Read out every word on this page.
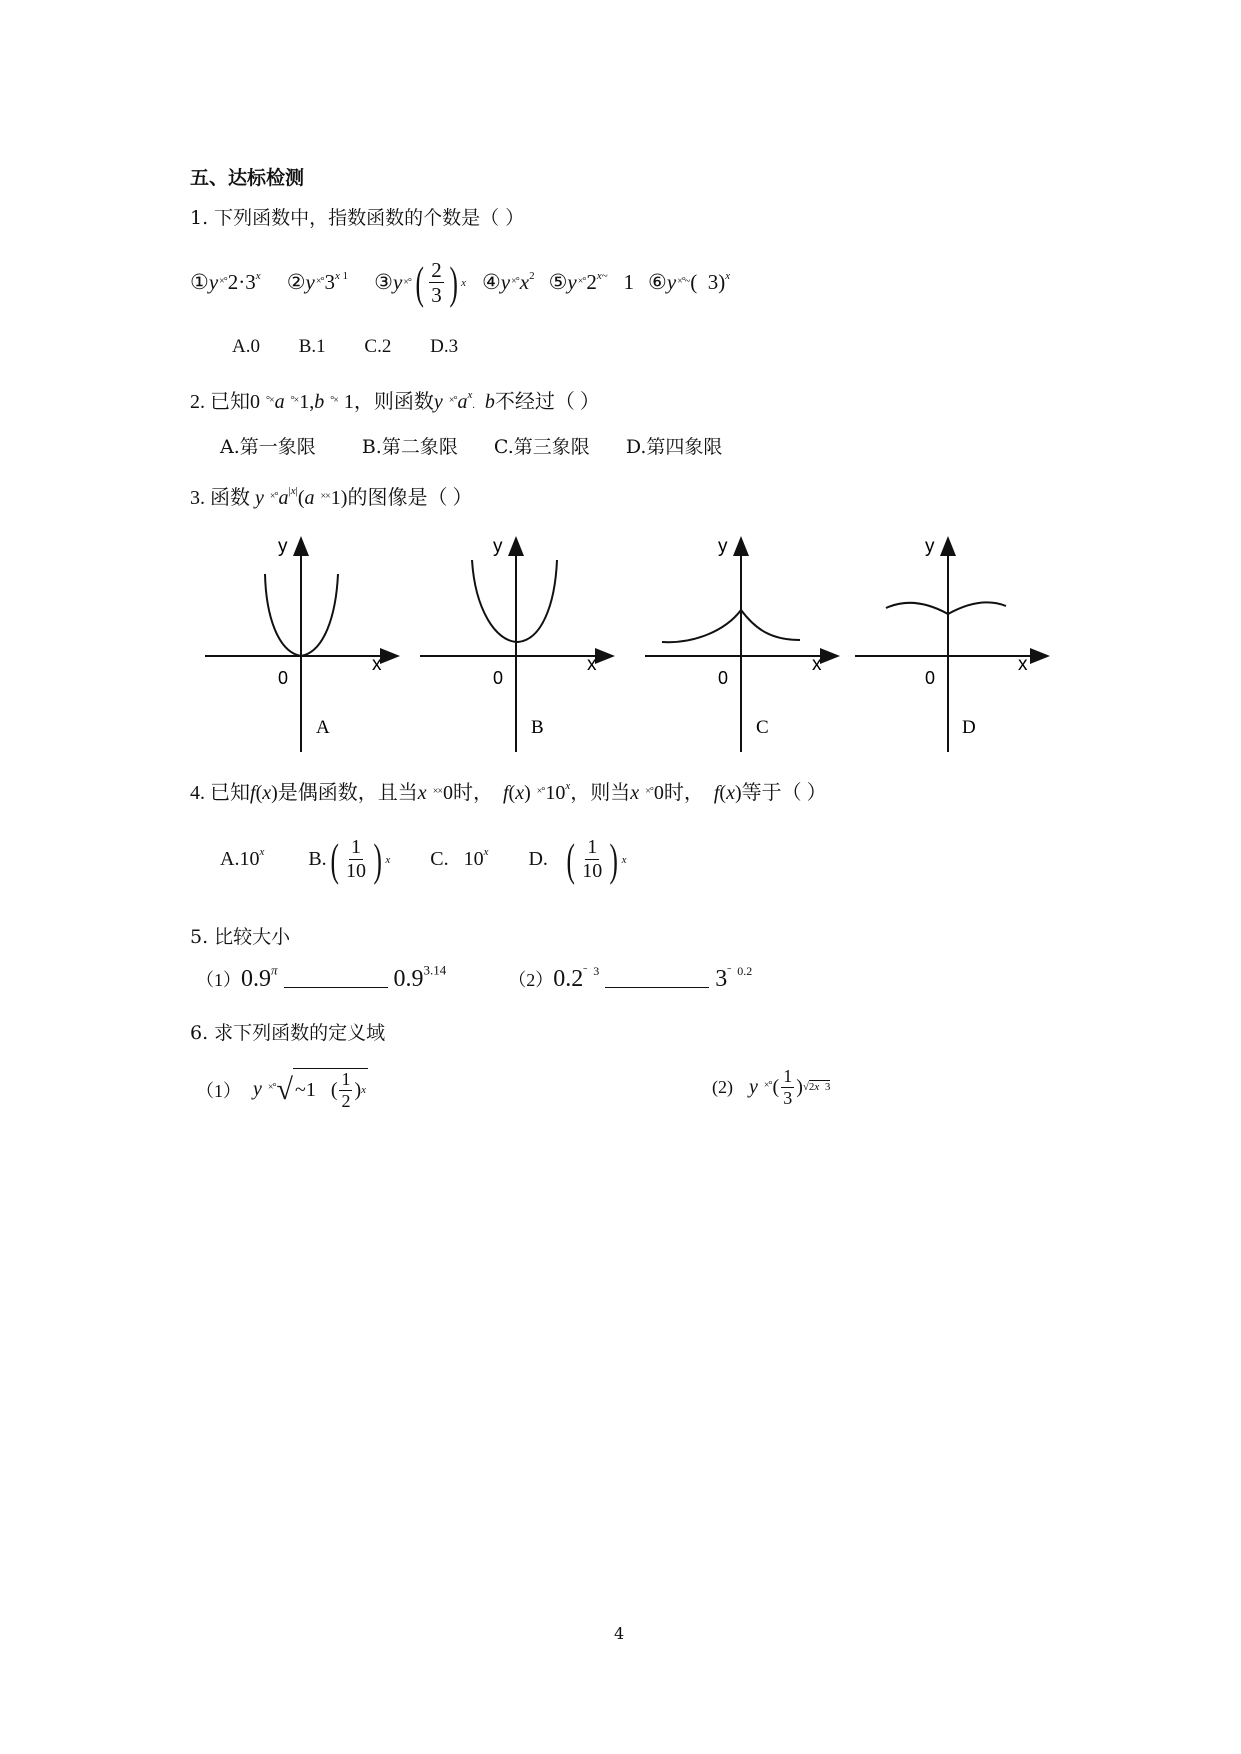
五、达标检测
1. 下列函数中，指数函数的个数是（ ）
$①y^{\times^\circ}2\cdot 3^x$ $②y^{\times^\circ}3^{x 1}$ ③ y ×° ( $\frac{2}{3}$ ) x $④y^{\times^\circ}x^2$ $⑤y^{\times^\circ}2^{x\sim}$   1 ⑥y×°~(  3)$^x$
A.0 B.1 C.2 D.3
2. 已知0 °×a °×1,b °× 1，则函数y $^{\times^\circ}a^x$. b不经过（ ）
A.第一象限 B.第二象限 C.第三象限 D.第四象限
3. 函数 y $^{\times^\circ}a^{|x|}(a$ ××1)的图像是（ ）
y
x
0
A
y
x
0
B
y
x
0
C
y
x
0
D
4. 已知f(x)是偶函数，且当x ××0时， f(x) ×°10$^x$，则当x ×°0时， f(x)等于（ ）
A.10$^x$ B. ( $\frac{1}{10}$ ) x C.   10$^x$ D.
( $\frac{1}{10}$ ) x
5. 比较大小
$(1)0.9^\pi$	$0.9^{3.14}$  $(2)0.2^{ˉ 3}$	$3^{ˉ 0.2}$
6. 求下列函数的定义域
（1） y ×° √ ~1   ( $\frac{1}{2}$ ) x	(2) y ×° ( $\frac{1}{3}$ ) √2x  3
4
